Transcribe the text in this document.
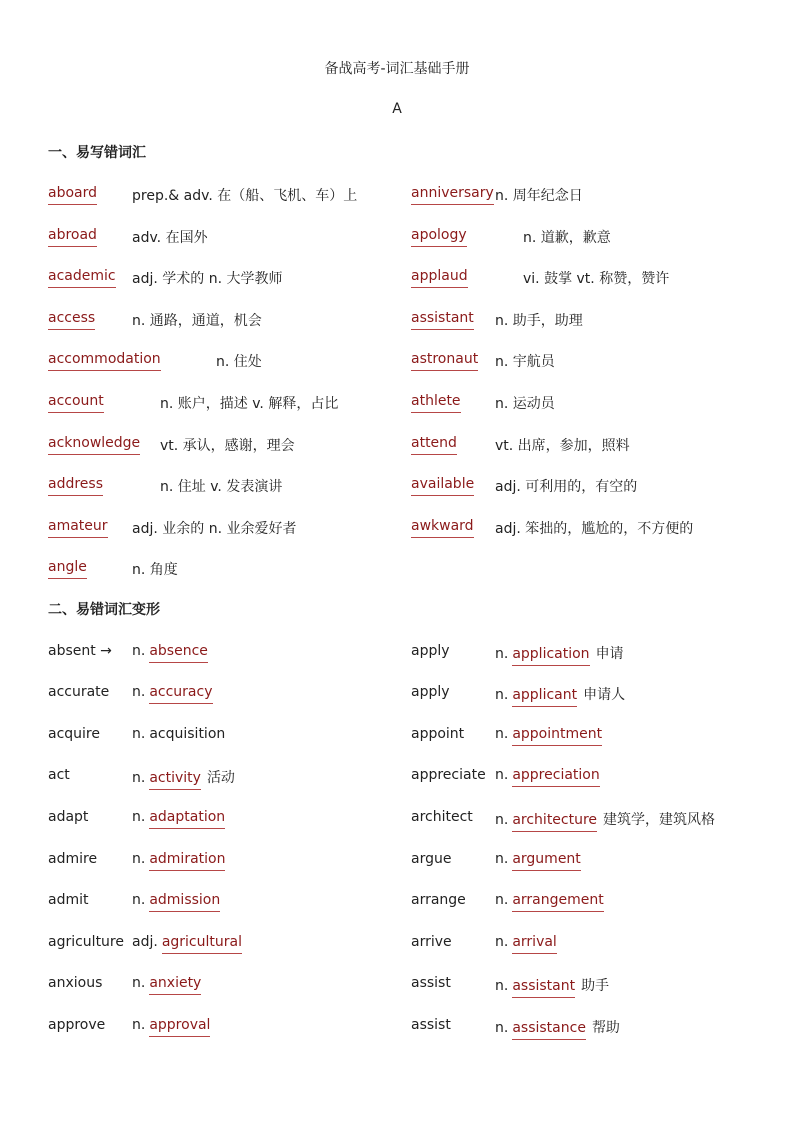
备战高考-词汇基础手册
A
一、易写错词汇
aboard prep.& adv. 在（船、飞机、车）上
abroad	adv. 在国外
academic adj. 学术的 n. 大学教师
access	n. 通路，通道，机会
accommodation	n. 住处
account	n. 账户，描述 v. 解释，占比
acknowledge vt. 承认，感谢，理会
address	n. 住址 v. 发表演讲
amateur adj. 业余的 n. 业余爱好者
angle	n. 角度
anniversary n. 周年纪念日
apology	n. 道歉，歉意
applaud	vi. 鼓掌 vt. 称赞，赞许
assistant n. 助手，助理
astronaut n. 宇航员
athlete n. 运动员
attend	vt. 出席，参加，照料
available adj. 可利用的，有空的
awkward adj. 笨拙的，尴尬的，不方便的
二、易错词汇变形
absent → n. absence
accurate n. accuracy
acquire n. acquisition
act	n. activity 活动
adapt	n. adaptation
admire n. admiration
admit	n. admission
agriculture adj. agricultural
anxious n. anxiety
approve n. approval
apply	n. application 申请
apply	n. applicant 申请人
appoint n. appointment
appreciate n. appreciation
architect n. architecture 建筑学，建筑风格
argue	n. argument
arrange n. arrangement
arrive	n. arrival
assist	n. assistant 助手
assist	n. assistance 帮助
